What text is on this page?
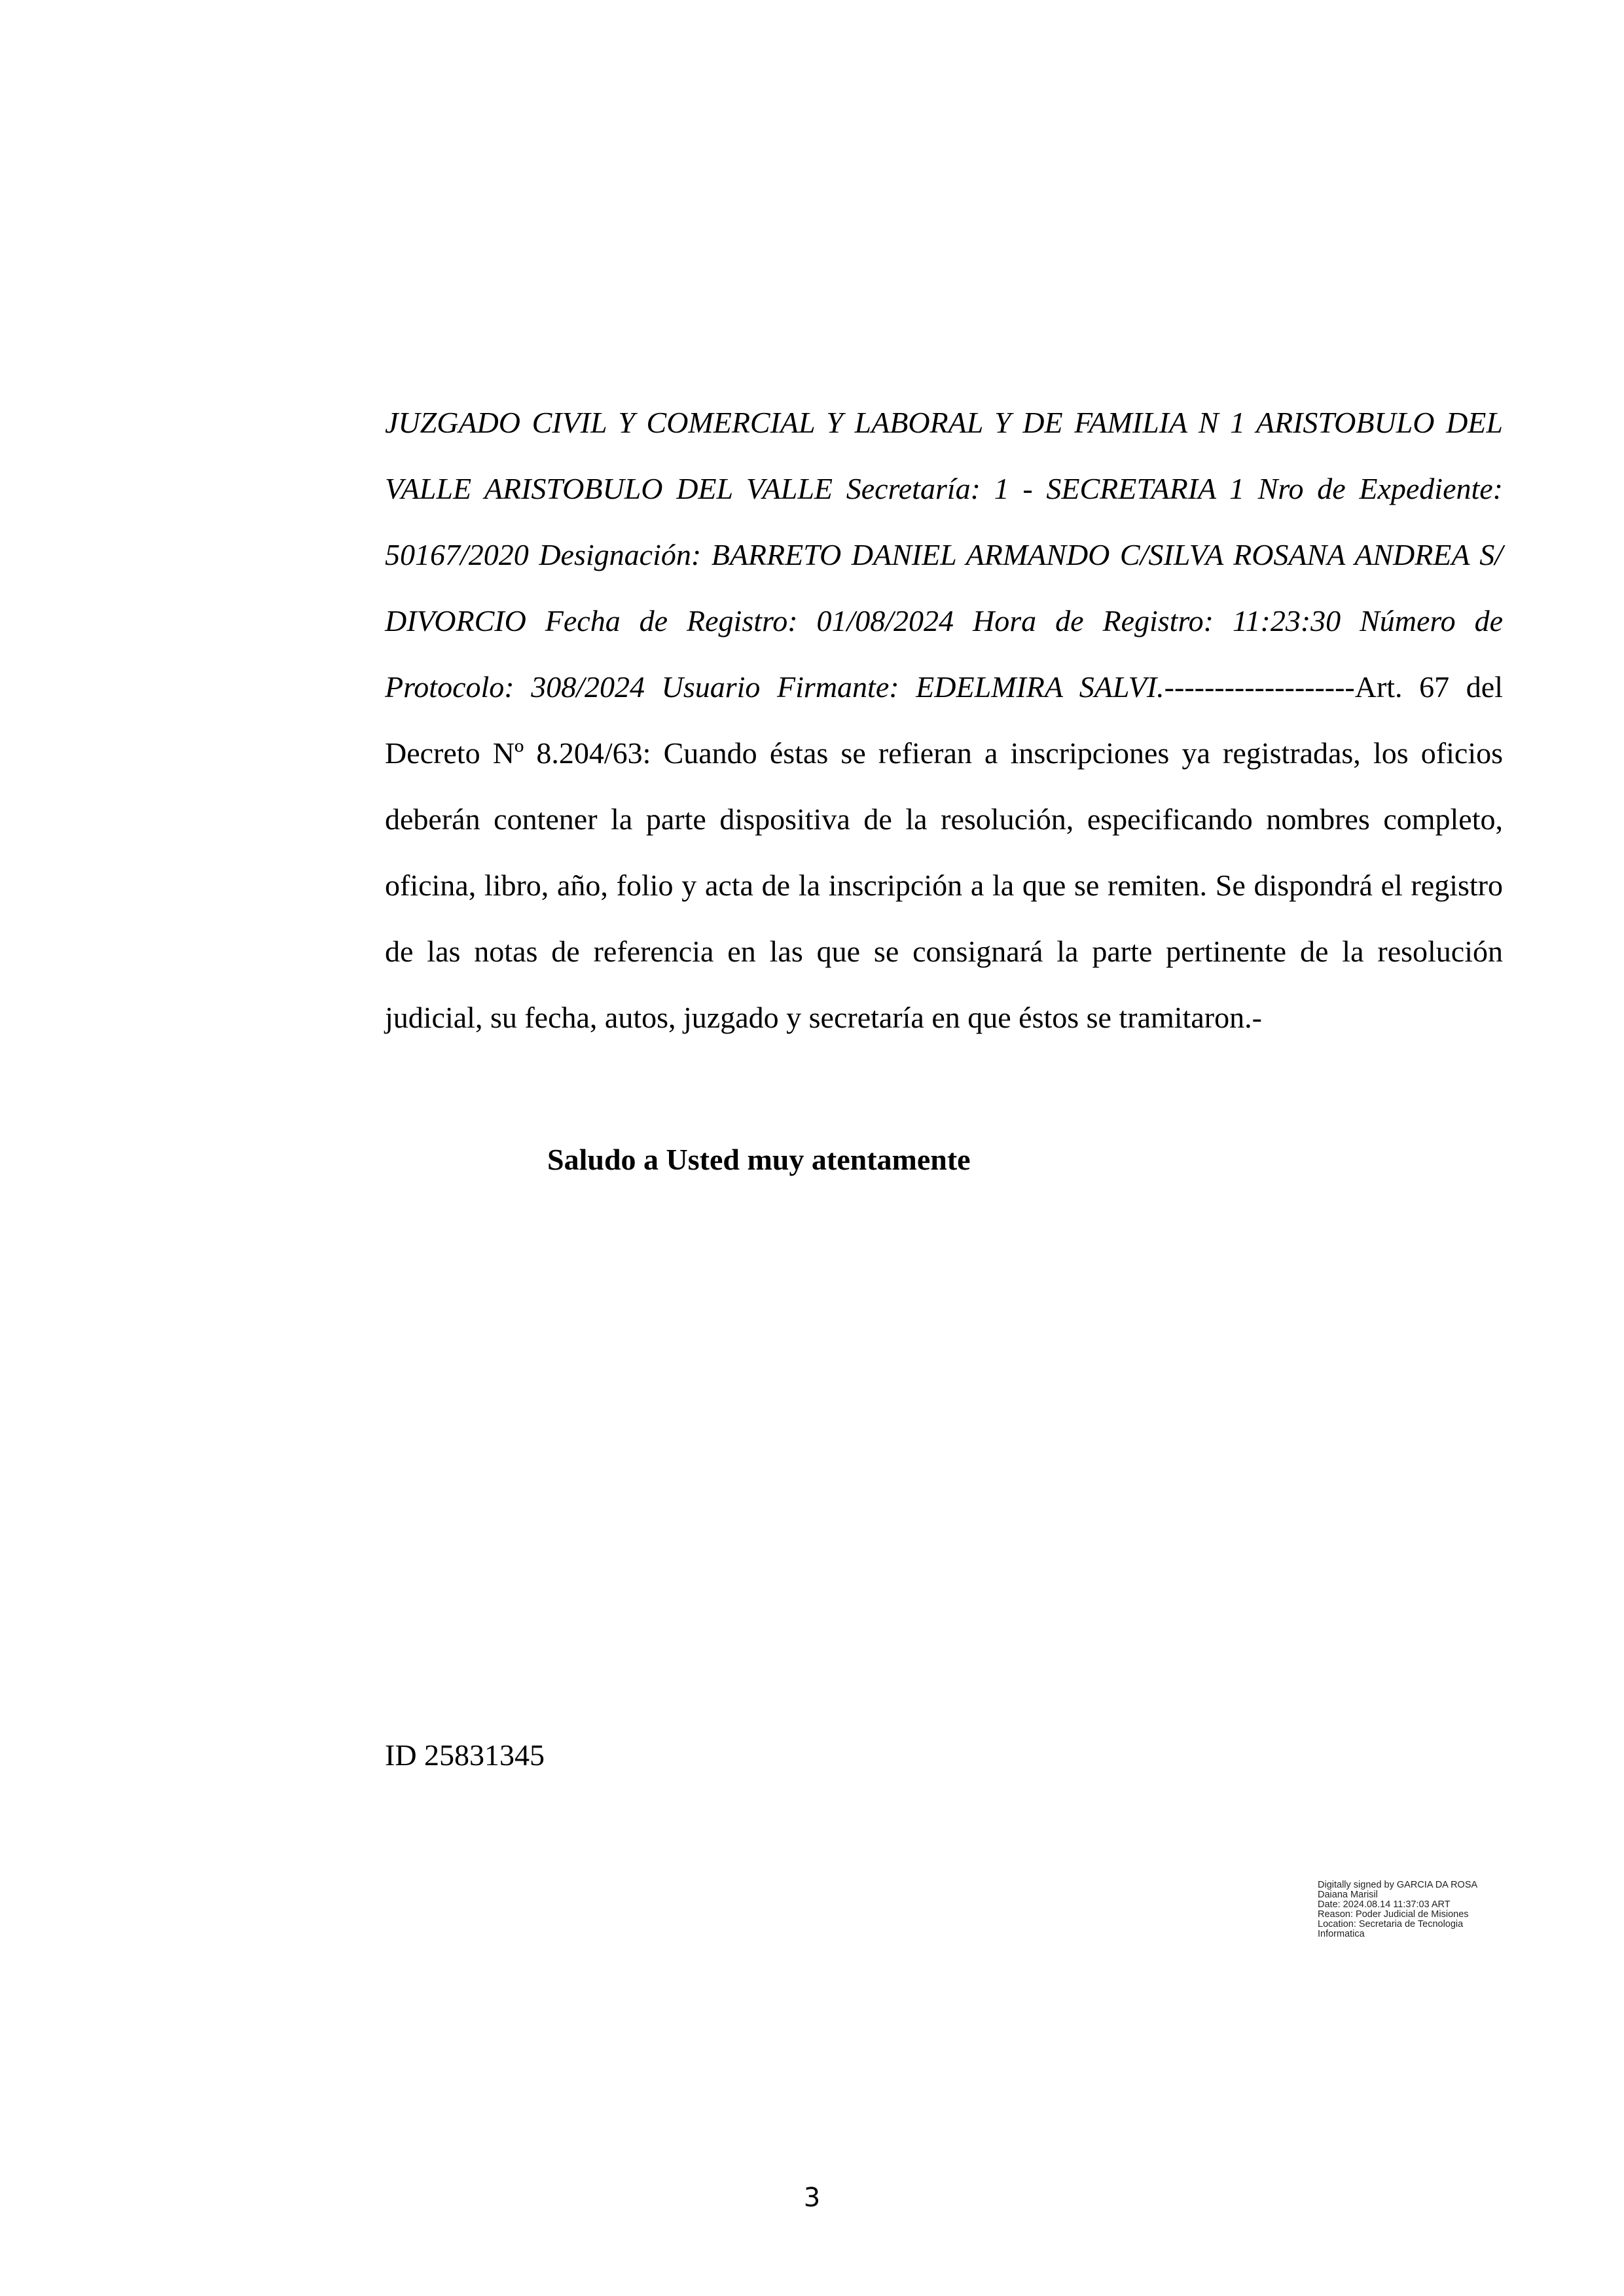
JUZGADO CIVIL Y COMERCIAL Y LABORAL Y DE FAMILIA N 1 ARISTOBULO DEL VALLE ARISTOBULO DEL VALLE Secretaría: 1 - SECRETARIA 1 Nro de Expediente: 50167/2020 Designación: BARRETO DANIEL ARMANDO C/SILVA ROSANA ANDREA S/ DIVORCIO Fecha de Registro: 01/08/2024 Hora de Registro: 11:23:30 Número de Protocolo: 308/2024 Usuario Firmante: EDELMIRA SALVI.-------------------Art. 67 del Decreto Nº 8.204/63: Cuando éstas se refieran a inscripciones ya registradas, los oficios deberán contener la parte dispositiva de la resolución, especificando nombres completo, oficina, libro, año, folio y acta de la inscripción a la que se remiten. Se dispondrá el registro de las notas de referencia en las que se consignará la parte pertinente de la resolución judicial, su fecha, autos, juzgado y secretaría en que éstos se tramitaron.-
Saludo a Usted muy atentamente
ID 25831345
Digitally signed by GARCIA DA ROSA
Daiana Marisil
Date: 2024.08.14 11:37:03 ART
Reason: Poder Judicial de Misiones
Location: Secretaria de Tecnologia
Informatica
3
